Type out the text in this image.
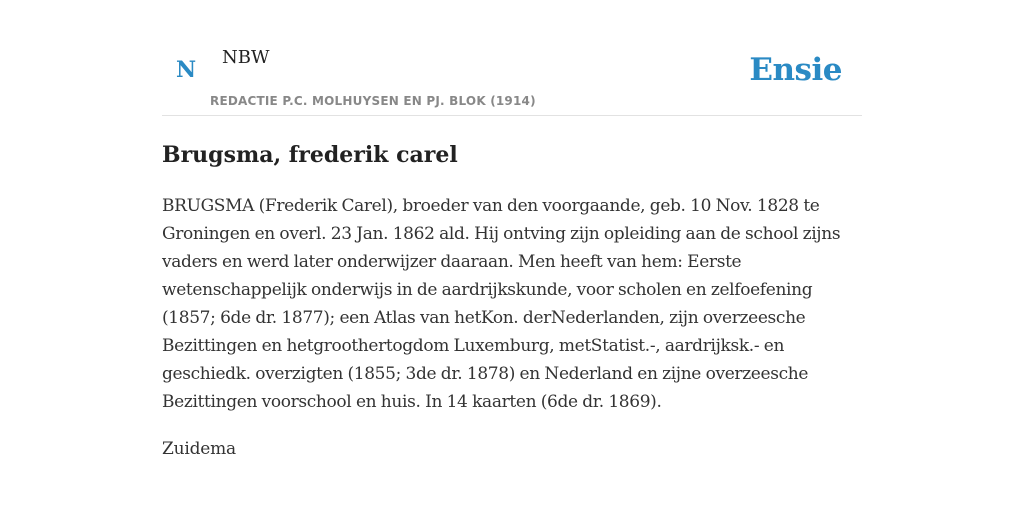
N NBW
REDACTIE P.C. MOLHUYSEN EN PJ. BLOK (1914)
Ensie
Brugsma, frederik carel

BRUGSMA (Frederik Carel), broeder van den voorgaande, geb. 10 Nov. 1828 te Groningen en overl. 23 Jan. 1862 ald. Hij ontving zijn opleiding aan de school zijns vaders en werd later onderwijzer daaraan. Men heeft van hem: Eerste wetenschappelijk onderwijs in de aardrijkskunde, voor scholen en zelfoefening (1857; 6de dr. 1877); een Atlas van hetKon. derNederlanden, zijn overzeesche Bezittingen en hetgroothertogdom Luxemburg, metStatist.-, aardrijksk.- en geschiedk. overzigten (1855; 3de dr. 1878) en Nederland en zijne overzeesche Bezittingen voorschool en huis. In 14 kaarten (6de dr. 1869).

Zuidema
